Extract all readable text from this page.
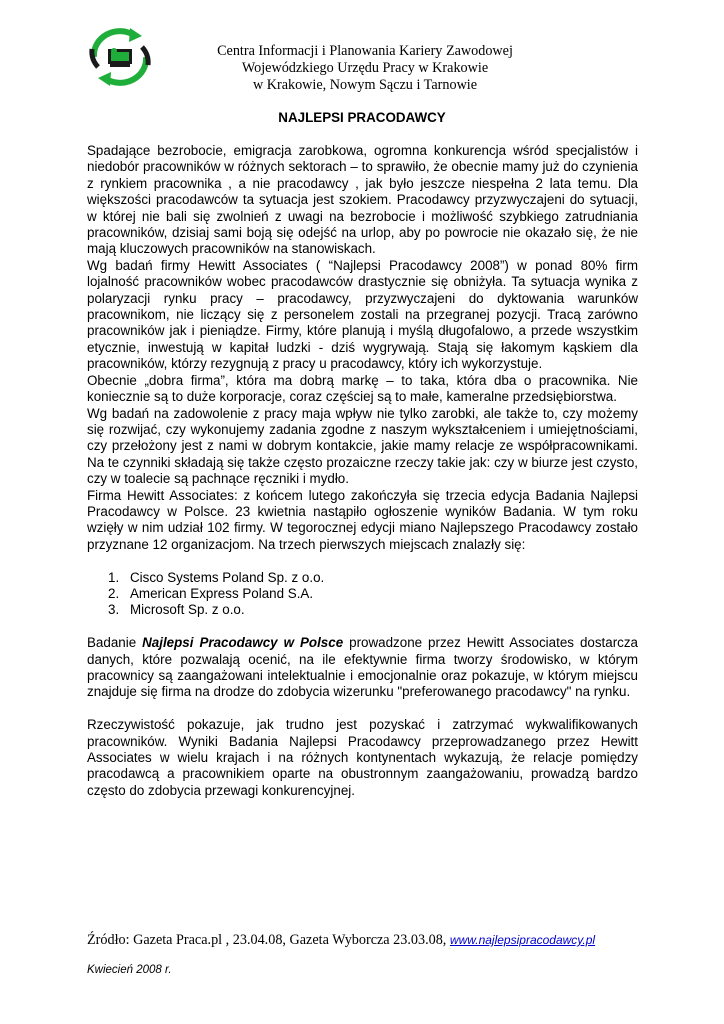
Centra Informacji i Planowania Kariery Zawodowej
Wojewódzkiego Urzędu Pracy w Krakowie
w Krakowie, Nowym Sączu i Tarnowie
NAJLEPSI PRACODAWCY

Spadające bezrobocie, emigracja zarobkowa, ogromna konkurencja wśród specjalistów i niedobór pracowników w różnych sektorach – to sprawiło, że obecnie mamy już do czynienia z rynkiem pracownika , a nie pracodawcy , jak było jeszcze niespełna 2 lata temu. Dla większości pracodawców ta sytuacja jest szokiem. Pracodawcy przyzwyczajeni do sytuacji, w której nie bali się zwolnień z uwagi na bezrobocie i możliwość szybkiego zatrudniania pracowników, dzisiaj sami boją się odejść na urlop, aby po powrocie nie okazało się, że nie mają kluczowych pracowników na stanowiskach.

Wg badań firmy Hewitt Associates ( “Najlepsi Pracodawcy 2008”) w ponad 80% firm lojalność pracowników wobec pracodawców drastycznie się obniżyła. Ta sytuacja wynika z polaryzacji rynku pracy – pracodawcy, przyzwyczajeni do dyktowania warunków pracownikom, nie liczący się z personelem zostali na przegranej pozycji. Tracą zarówno pracowników jak i pieniądze. Firmy, które planują i myślą długofalowo, a przede wszystkim etycznie, inwestują w kapitał ludzki - dziś wygrywają. Stają się łakomym kąskiem dla pracowników, którzy rezygnują z pracy u pracodawcy, który ich wykorzystuje.

Obecnie „dobra firma”, która ma dobrą markę – to taka, która dba o pracownika. Nie koniecznie są to duże korporacje, coraz częściej są to małe, kameralne przedsiębiorstwa.

Wg badań na zadowolenie z pracy maja wpływ nie tylko zarobki, ale także to, czy możemy się rozwijać, czy wykonujemy zadania zgodne z naszym wykształceniem i umiejętnościami, czy przełożony jest z nami w dobrym kontakcie, jakie mamy relacje ze współpracownikami. Na te czynniki składają się także często prozaiczne rzeczy takie jak: czy w biurze jest czysto, czy w toalecie są pachnące ręczniki i mydło.

Firma Hewitt Associates: z końcem lutego zakończyła się trzecia edycja Badania Najlepsi Pracodawcy w Polsce. 23 kwietnia nastąpiło ogłoszenie wyników Badania. W tym roku wzięły w nim udział 102 firmy. W tegorocznej edycji miano Najlepszego Pracodawcy zostało przyznane 12 organizacjom. Na trzech pierwszych miejscach znalazły się:

1. Cisco Systems Poland Sp. z o.o.
2. American Express Poland S.A.
3. Microsoft Sp. z o.o.

Badanie Najlepsi Pracodawcy w Polsce prowadzone przez Hewitt Associates dostarcza danych, które pozwalają ocenić, na ile efektywnie firma tworzy środowisko, w którym pracownicy są zaangażowani intelektualnie i emocjonalnie oraz pokazuje, w którym miejscu znajduje się firma na drodze do zdobycia wizerunku "preferowanego pracodawcy" na rynku.

Rzeczywistość pokazuje, jak trudno jest pozyskać i zatrzymać wykwalifikowanych pracowników. Wyniki Badania Najlepsi Pracodawcy przeprowadzanego przez Hewitt Associates w wielu krajach i na różnych kontynentach wykazują, że relacje pomiędzy pracodawcą a pracownikiem oparte na obustronnym zaangażowaniu, prowadzą bardzo często do zdobycia przewagi konkurencyjnej.

Źródło: Gazeta Praca.pl , 23.04.08, Gazeta Wyborcza 23.03.08, www.najlepsipracodawcy.pl
Kwiecień 2008 r.
